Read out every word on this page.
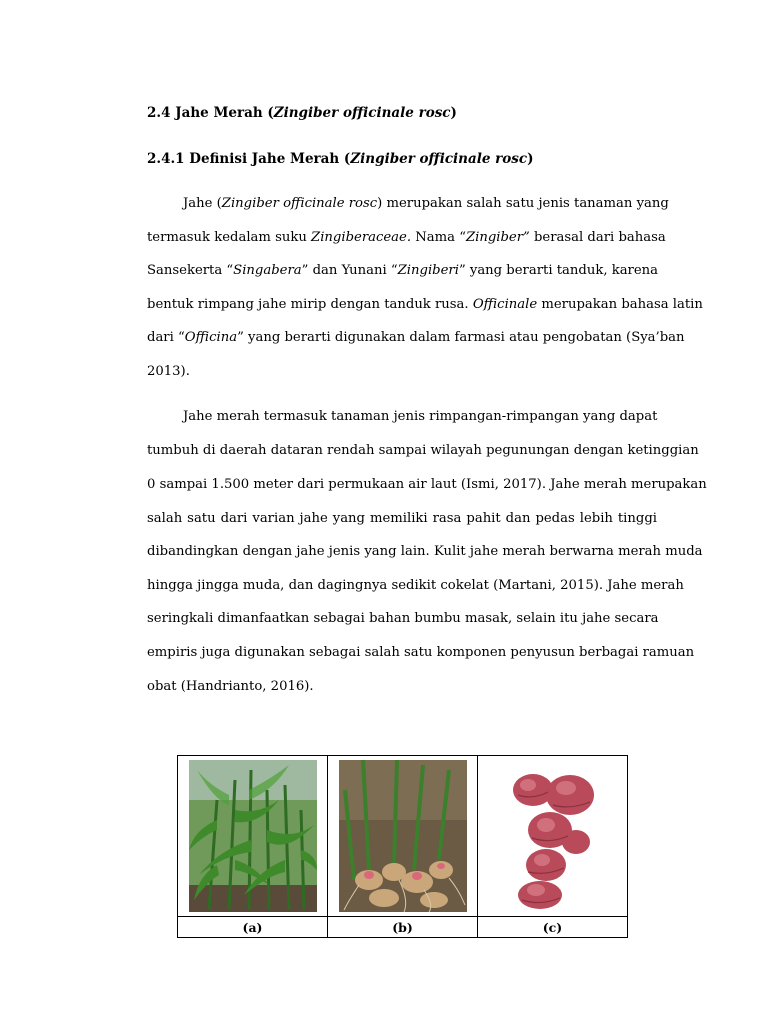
2.4 Jahe Merah (Zingiber officinale rosc)
2.4.1 Definisi Jahe Merah (Zingiber officinale rosc)
Jahe (Zingiber officinale rosc) merupakan salah satu jenis tanaman yang
termasuk kedalam suku Zingiberaceae. Nama “Zingiber” berasal dari bahasa
Sansekerta “Singabera” dan Yunani “Zingiberi” yang berarti tanduk, karena
bentuk rimpang jahe mirip dengan tanduk rusa. Officinale merupakan bahasa latin
dari “Officina” yang berarti digunakan dalam farmasi atau pengobatan (Sya’ban
2013).
Jahe merah termasuk tanaman jenis rimpangan-rimpangan yang dapat
tumbuh di daerah dataran rendah sampai wilayah pegunungan dengan ketinggian
0 sampai 1.500 meter dari permukaan air laut (Ismi, 2017). Jahe merah merupakan
salah satu dari varian jahe yang memiliki rasa pahit dan pedas lebih tinggi
dibandingkan dengan jahe jenis yang lain. Kulit jahe merah berwarna merah muda
hingga jingga muda, dan dagingnya sedikit cokelat (Martani, 2015). Jahe merah
seringkali dimanfaatkan sebagai bahan bumbu masak, selain itu jahe secara
empiris juga digunakan sebagai salah satu komponen penyusun berbagai ramuan
obat (Handrianto, 2016).

(a)	(b)	(c)
